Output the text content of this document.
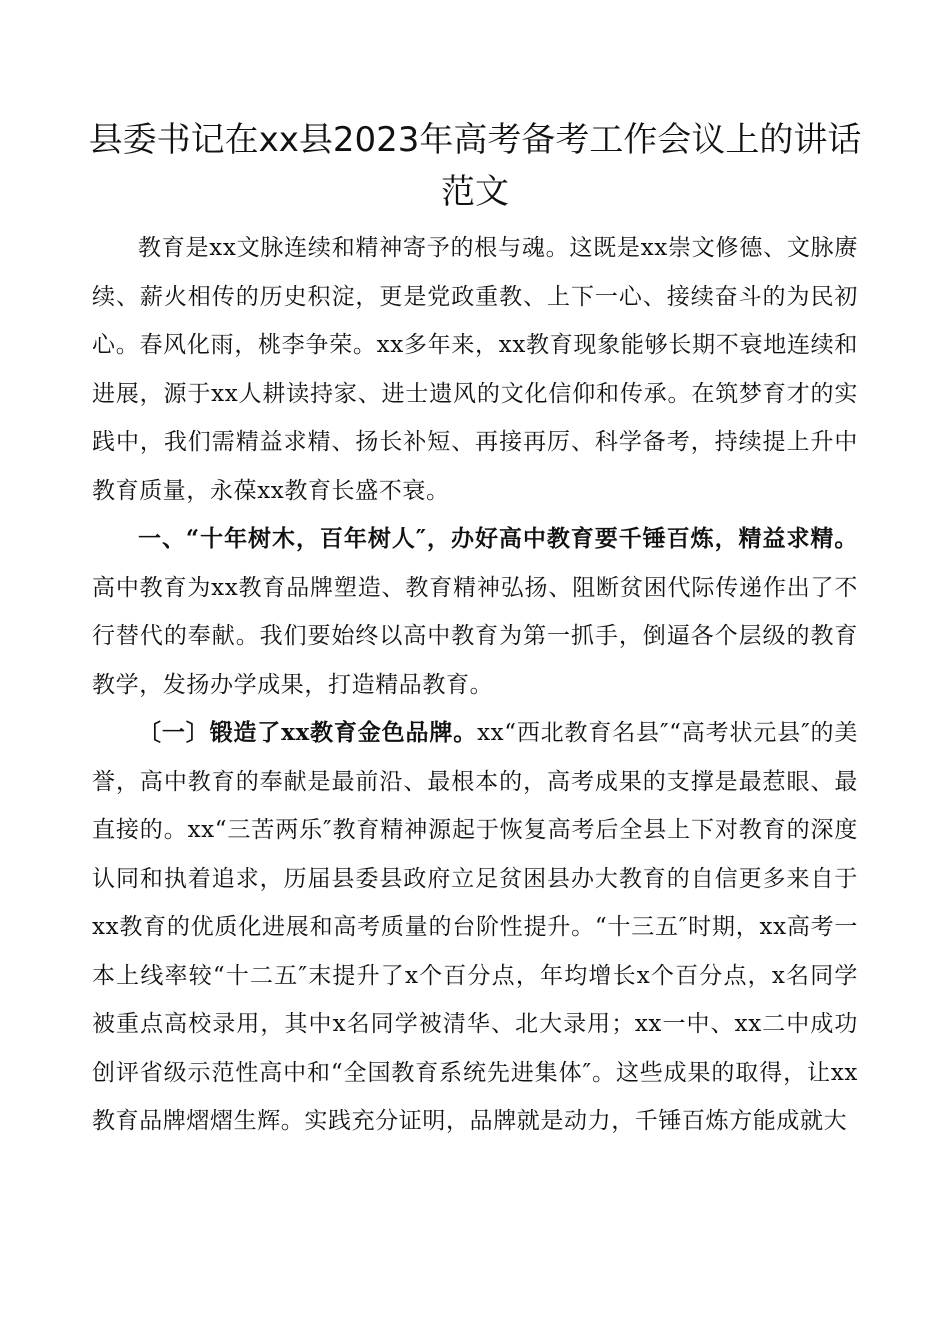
县委书记在xx县2023年高考备考工作会议上的讲话范文

教育是xx文脉连续和精神寄予的根与魂。这既是xx崇文修德、文脉赓续、薪火相传的历史积淀，更是党政重教、上下一心、接续奋斗的为民初心。春风化雨，桃李争荣。xx多年来，xx教育现象能够长期不衰地连续和进展，源于xx人耕读持家、进士遗风的文化信仰和传承。在筑梦育才的实践中，我们需精益求精、扬长补短、再接再厉、科学备考，持续提上升中教育质量，永葆xx教育长盛不衰。

一、“十年树木，百年树人″，办好高中教育要千锤百炼，精益求精。高中教育为xx教育品牌塑造、教育精神弘扬、阻断贫困代际传递作出了不行替代的奉献。我们要始终以高中教育为第一抓手，倒逼各个层级的教育教学，发扬办学成果，打造精品教育。

〔一〕锻造了xx教育金色品牌。xx“西北教育名县″“高考状元县″的美誉，高中教育的奉献是最前沿、最根本的，高考成果的支撑是最惹眼、最直接的。xx“三苦两乐″教育精神源起于恢复高考后全县上下对教育的深度认同和执着追求，历届县委县政府立足贫困县办大教育的自信更多来自于xx教育的优质化进展和高考质量的台阶性提升。“十三五″时期，xx高考一本上线率较“十二五″末提升了x个百分点，年均增长x个百分点，x名同学被重点高校录用，其中x名同学被清华、北大录用；xx一中、xx二中成功创评省级示范性高中和“全国教育系统先进集体″。这些成果的取得，让xx教育品牌熠熠生辉。实践充分证明，品牌就是动力，千锤百炼方能成就大
